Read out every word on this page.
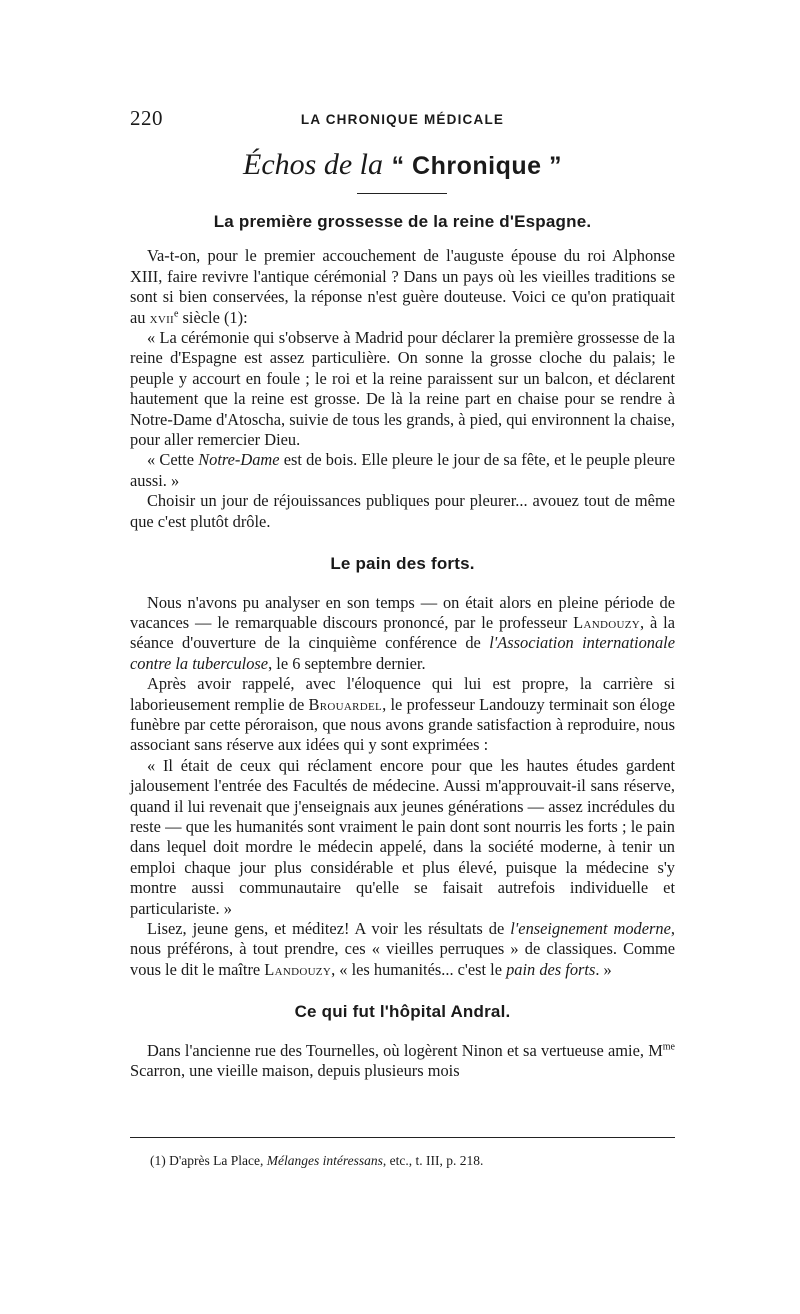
220	LA CHRONIQUE MÉDICALE
Échos de la “ Chronique ”
La première grossesse de la reine d'Espagne.

Va-t-on, pour le premier accouchement de l'auguste épouse du roi Alphonse XIII, faire revivre l'antique cérémonial ? Dans un pays où les vieilles traditions se sont si bien conservées, la réponse n'est guère douteuse. Voici ce qu'on pratiquait au xvii$^e$ siècle (1):

« La cérémonie qui s'observe à Madrid pour déclarer la première grossesse de la reine d'Espagne est assez particulière. On sonne la grosse cloche du palais; le peuple y accourt en foule ; le roi et la reine paraissent sur un balcon, et déclarent hautement que la reine est grosse. De là la reine part en chaise pour se rendre à Notre-Dame d'Atoscha, suivie de tous les grands, à pied, qui environnent la chaise, pour aller remercier Dieu.

« Cette Notre-Dame est de bois. Elle pleure le jour de sa fête, et le peuple pleure aussi. »

Choisir un jour de réjouissances publiques pour pleurer... avouez tout de même que c'est plutôt drôle.

Le pain des forts.

Nous n'avons pu analyser en son temps — on était alors en pleine période de vacances — le remarquable discours prononcé, par le professeur Landouzy, à la séance d'ouverture de la cinquième conférence de l'Association internationale contre la tuberculose, le 6 septembre dernier.

Après avoir rappelé, avec l'éloquence qui lui est propre, la carrière si laborieusement remplie de Brouardel, le professeur Landouzy terminait son éloge funèbre par cette péroraison, que nous avons grande satisfaction à reproduire, nous associant sans réserve aux idées qui y sont exprimées :

« Il était de ceux qui réclament encore pour que les hautes études gardent jalousement l'entrée des Facultés de médecine. Aussi m'approuvait-il sans réserve, quand il lui revenait que j'enseignais aux jeunes générations — assez incrédules du reste — que les humanités sont vraiment le pain dont sont nourris les forts ; le pain dans lequel doit mordre le médecin appelé, dans la société moderne, à tenir un emploi chaque jour plus considérable et plus élevé, puisque la médecine s'y montre aussi communautaire qu'elle se faisait autrefois individuelle et particulariste. »

Lisez, jeune gens, et méditez! A voir les résultats de l'enseignement moderne, nous préférons, à tout prendre, ces « vieilles perruques » de classiques. Comme vous le dit le maître Landouzy, « les humanités... c'est le pain des forts. »

Ce qui fut l'hôpital Andral.

Dans l'ancienne rue des Tournelles, où logèrent Ninon et sa vertueuse amie, $M^{me}$ Scarron, une vieille maison, depuis plusieurs mois

(1) D'après La Place, Mélanges intéressans, etc., t. III, p. 218.
